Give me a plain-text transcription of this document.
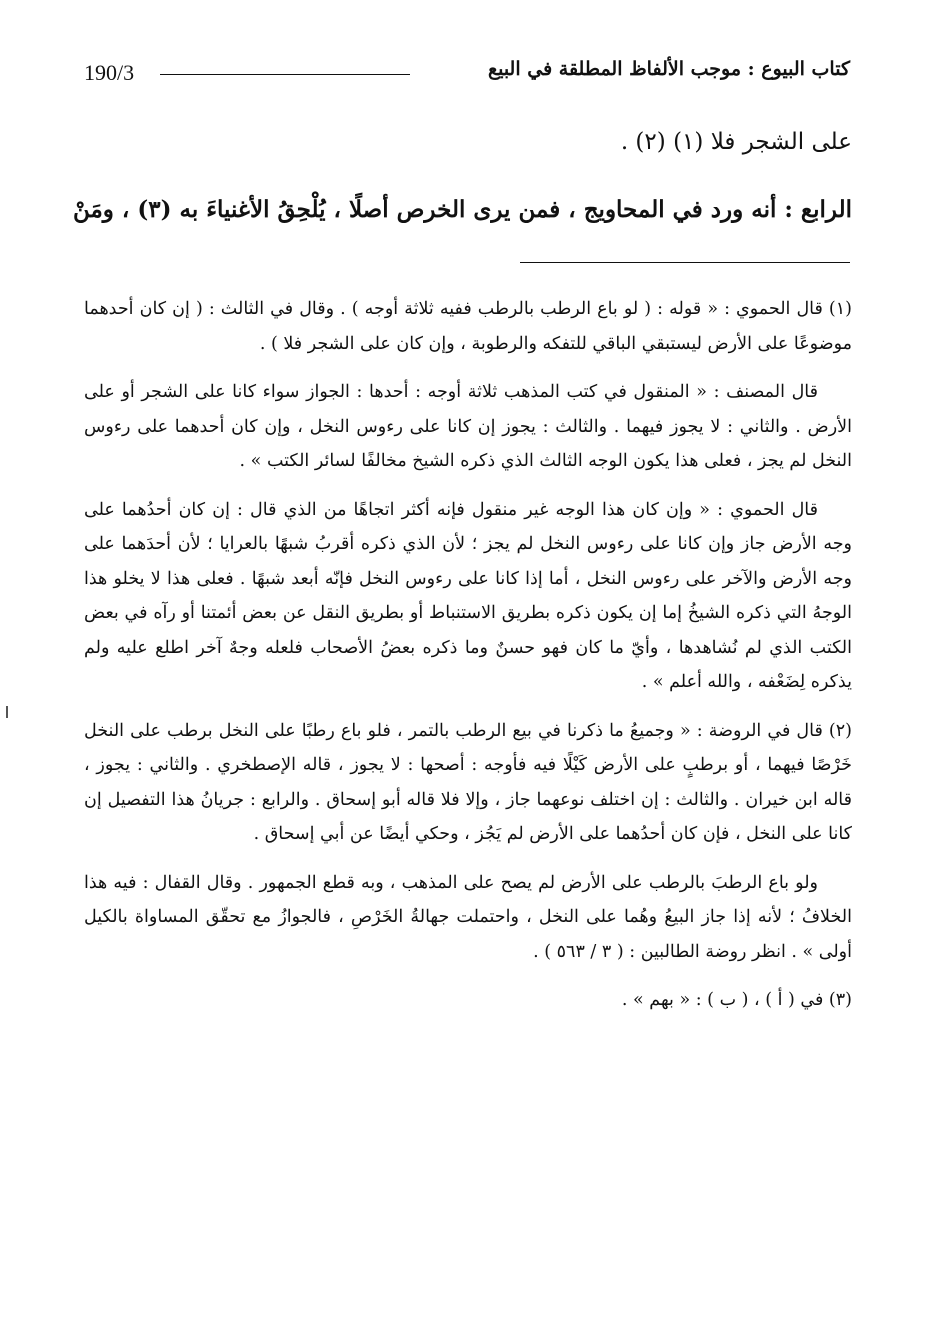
190/3	كتاب البيوع : موجب الألفاظ المطلقة في البيع

على الشجر فلا (١) (٢) .

الرابع : أنه ورد في المحاويج ، فمن يرى الخرص أصلًا ، يُلْحِقُ الأغنياءَ به (٣) ، ومَنْ

(١) قال الحموي : « قوله : ( لو باع الرطب بالرطب ففيه ثلاثة أوجه ) . وقال في الثالث : ( إن كان أحدهما موضوعًا على الأرض ليستبقي الباقي للتفكه والرطوبة ، وإن كان على الشجر فلا ) .

قال المصنف : « المنقول في كتب المذهب ثلاثة أوجه : أحدها : الجواز سواء كانا على الشجر أو على الأرض . والثاني : لا يجوز فيهما . والثالث : يجوز إن كانا على رءوس النخل ، وإن كان أحدهما على رءوس النخل لم يجز ، فعلى هذا يكون الوجه الثالث الذي ذكره الشيخ مخالفًا لسائر الكتب » .

قال الحموي : « وإن كان هذا الوجه غير منقول فإنه أكثر اتجاهًا من الذي قال : إن كان أحدُهما على وجه الأرض جاز وإن كانا على رءوس النخل لم يجز ؛ لأن الذي ذكره أقربُ شبهًا بالعرايا ؛ لأن أحدَهما على وجه الأرض والآخر على رءوس النخل ، أما إذا كانا على رءوس النخل فإنّه أبعد شبهًا . فعلى هذا لا يخلو هذا الوجهُ التي ذكره الشيخُ إما إن يكون ذكره بطريق الاستنباط أو بطريق النقل عن بعض أئمتنا أو رآه في بعض الكتب الذي لم نُشاهدها ، وأيّ ما كان فهو حسنٌ وما ذكره بعضُ الأصحاب فلعله وجهٌ آخر اطلع عليه ولم يذكره لِضَعْفه ، والله أعلم » .

(٢) قال في الروضة : « وجميعُ ما ذكرنا في بيع الرطب بالتمر ، فلو باع رطبًا على النخل برطب على النخل خَرْصًا فيهما ، أو برطبٍ على الأرض كَيْلًا فيه فأوجه : أصحها : لا يجوز ، قاله الإصطخري . والثاني : يجوز ، قاله ابن خيران . والثالث : إن اختلف نوعهما جاز ، وإلا فلا قاله أبو إسحاق . والرابع : جريانُ هذا التفصيل إن كانا على النخل ، فإن كان أحدُهما على الأرض لم يَجُز ، وحكي أيضًا عن أبي إسحاق .

ولو باع الرطبَ بالرطب على الأرض لم يصح على المذهب ، وبه قطع الجمهور . وقال القفال : فيه هذا الخلافُ ؛ لأنه إذا جاز البيعُ وهُما على النخل ، واحتملت جهالةُ الخَرْصِ ، فالجوازُ مع تحقّق المساواة بالكيل أولى » . انظر روضة الطالبين : ( ٣ / ٥٦٣ ) .

(٣) في ( أ ) ، ( ب ) : « بهم » .
